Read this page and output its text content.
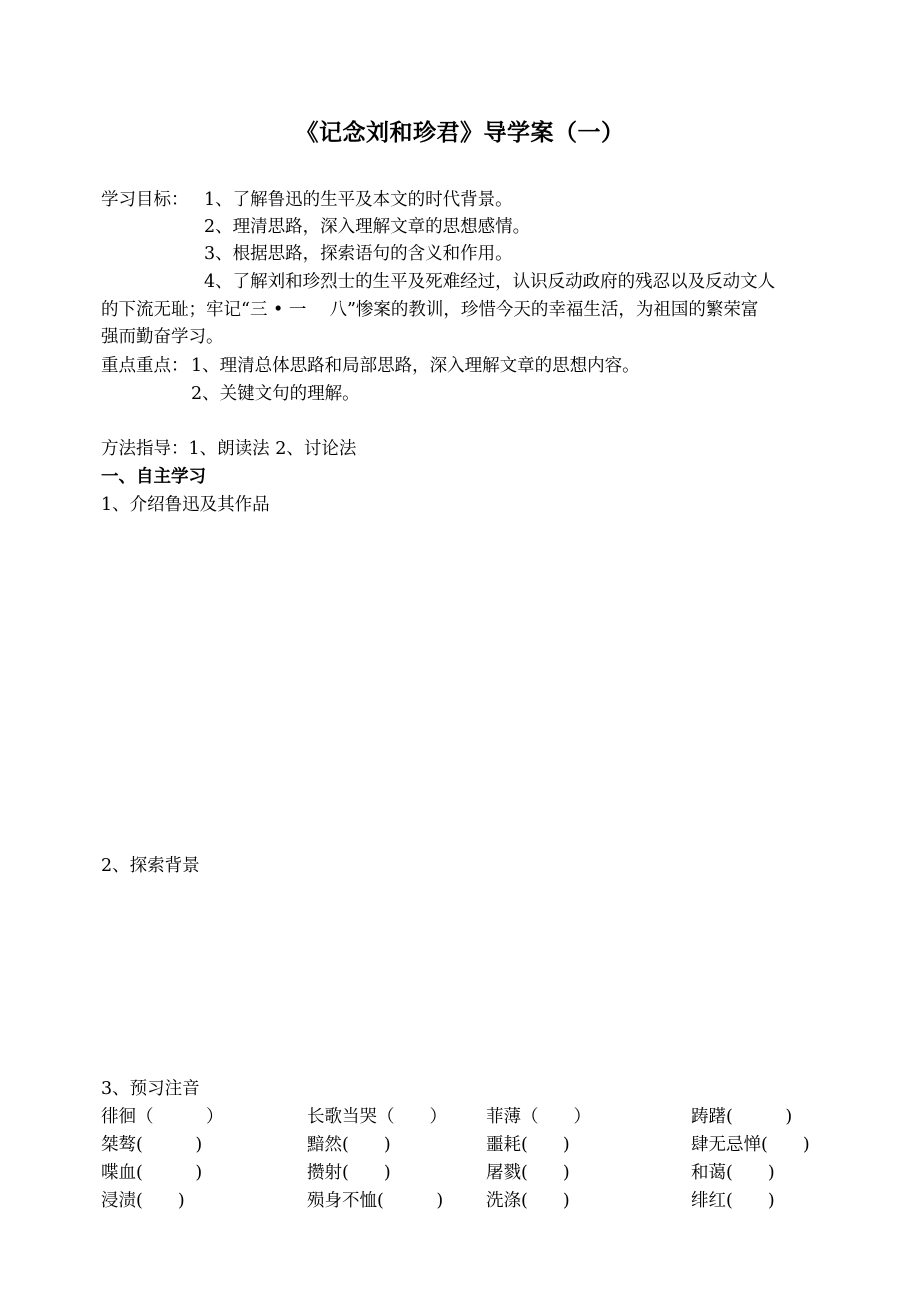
《记念刘和珍君》导学案（一）
学习目标： 1、了解鲁迅的生平及本文的时代背景。
2、理清思路，深入理解文章的思想感情。
3、根据思路，探索语句的含义和作用。
4、了解刘和珍烈士的生平及死难经过，认识反动政府的残忍以及反动文人
的下流无耻；牢记“三 • 一　 八”惨案的教训，珍惜今天的幸福生活，为祖国的繁荣富
强而勤奋学习。
重点重点： 1、理清总体思路和局部思路，深入理解文章的思想内容。
2、关键文句的理解。
方法指导：1、朗读法 2、讨论法
一、自主学习
1、介绍鲁迅及其作品
2、探索背景
3、预习注音
徘徊（　　　）	长歌当哭（　　） 菲薄（　　）	踌躇(　　　)
桀骜(　　　)	黯然(　　)	噩耗(　　)	肆无忌惮(　　)
喋血(　　　)	攒射(　　)	屠戮(　　)	和蔼(　　)
浸渍(　　)	殒身不恤(　　　) 洗涤(　　)	绯红(　　)
